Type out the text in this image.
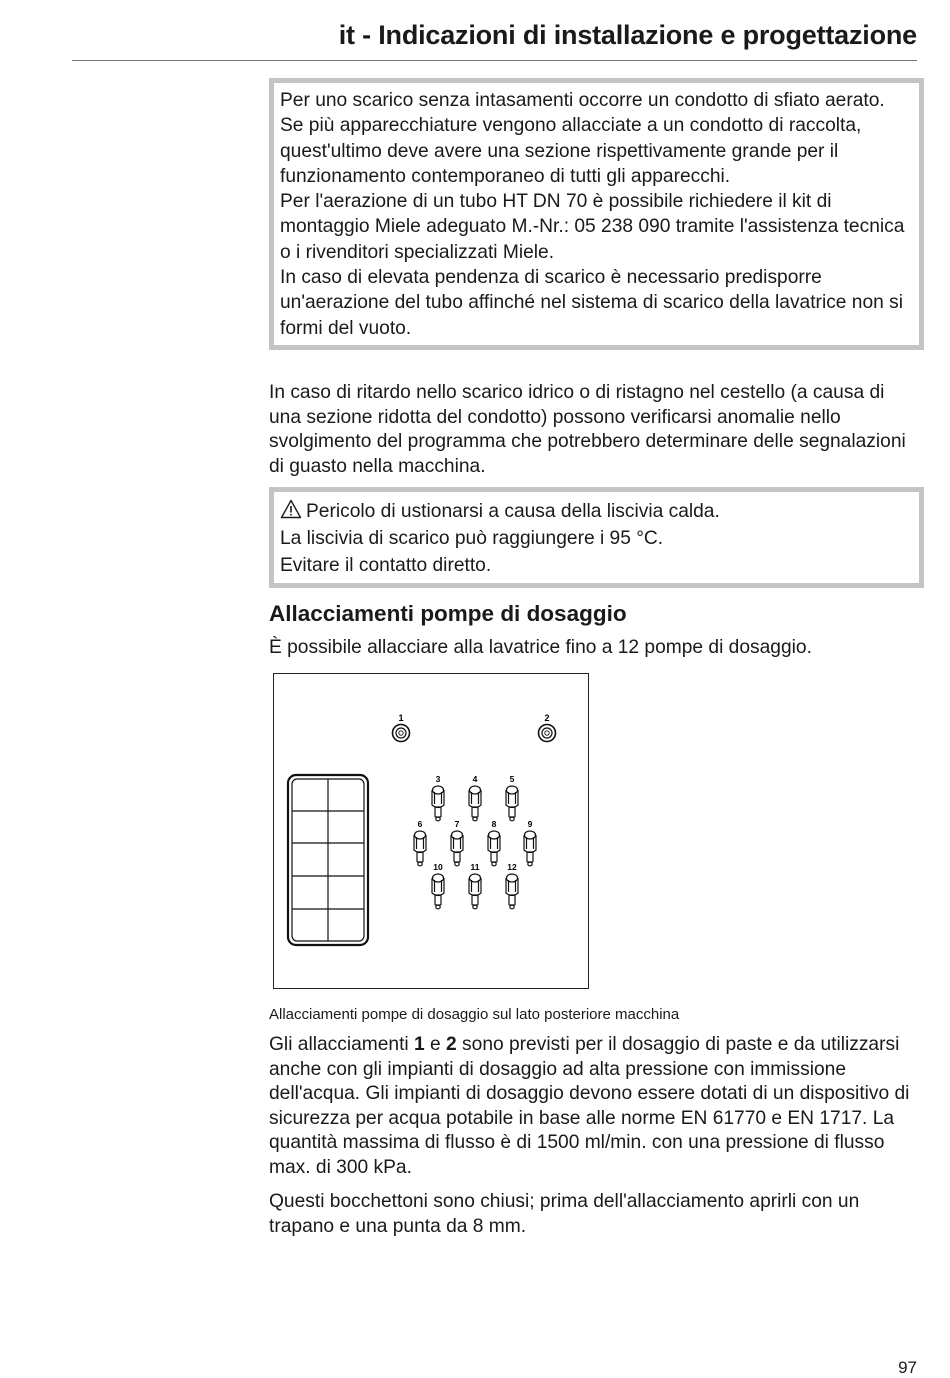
it - Indicazioni di installazione e progettazione

Per uno scarico senza intasamenti occorre un condotto di sfiato aerato.

Se più apparecchiature vengono allacciate a un condotto di raccolta, quest'ultimo deve avere una sezione rispettivamente grande per il funzionamento contemporaneo di tutti gli apparecchi.

Per l'aerazione di un tubo HT DN 70 è possibile richiedere il kit di montaggio Miele adeguato M.-Nr.: 05 238 090 tramite l'assistenza tecnica o i rivenditori specializzati Miele.

In caso di elevata pendenza di scarico è necessario predisporre un'aerazione del tubo affinché nel sistema di scarico della lavatrice non si formi del vuoto.

In caso di ritardo nello scarico idrico o di ristagno nel cestello (a causa di una sezione ridotta del condotto) possono verificarsi anomalie nello svolgimento del programma che potrebbero determinare delle segnalazioni di guasto nella macchina.

Pericolo di ustionarsi a causa della liscivia calda.

La liscivia di scarico può raggiungere i 95 °C.

Evitare il contatto diretto.

Allacciamenti pompe di dosaggio

È possibile allacciare alla lavatrice fino a 12 pompe di dosaggio.

1	2
3	4	5
6	7	8	9
10	11	12

Allacciamenti pompe di dosaggio sul lato posteriore macchina

Gli allacciamenti 1 e 2 sono previsti per il dosaggio di paste e da utilizzarsi anche con gli impianti di dosaggio ad alta pressione con immissione dell'acqua. Gli impianti di dosaggio devono essere dotati di un dispositivo di sicurezza per acqua potabile in base alle norme EN 61770 e EN 1717. La quantità massima di flusso è di 1500 ml/min. con una pressione di flusso max. di 300 kPa.

Questi bocchettoni sono chiusi; prima dell'allacciamento aprirli con un trapano e una punta da 8 mm.

97
